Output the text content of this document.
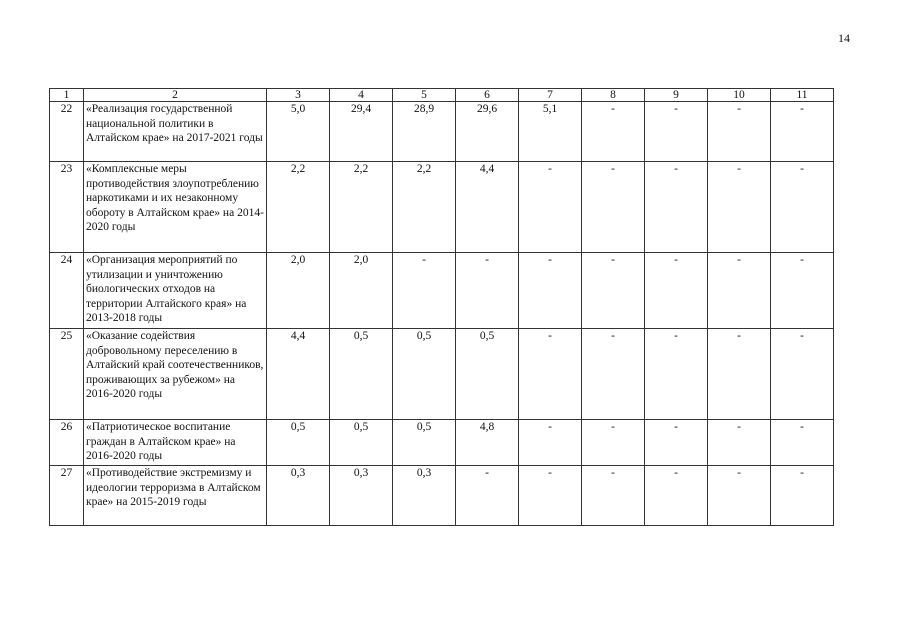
14
1	2	3	4	5	6	7	8	9	10	11
22	«Реализация государственной национальной политики в Алтайском крае» на 2017-2021 годы	5,0	29,4	28,9	29,6	5,1	-	-	-	-
23	«Комплексные меры противодействия злоупотреблению наркотиками и их незаконному обороту в Алтайском крае» на 2014-2020 годы	2,2	2,2	2,2	4,4	-	-	-	-	-
24	«Организация мероприятий по утилизации и уничтожению биологических отходов на территории Алтайского края» на 2013-2018 годы	2,0	2,0	-	-	-	-	-	-	-
25	«Оказание содействия добровольному переселению в Алтайский край соотечественников, проживающих за рубежом» на 2016-2020 годы	4,4	0,5	0,5	0,5	-	-	-	-	-
26	«Патриотическое воспитание граждан в Алтайском крае» на 2016-2020 годы	0,5	0,5	0,5	4,8	-	-	-	-	-
27	«Противодействие экстремизму и идеологии терроризма в Алтайском крае» на 2015-2019 годы	0,3	0,3	0,3	-	-	-	-	-	-
